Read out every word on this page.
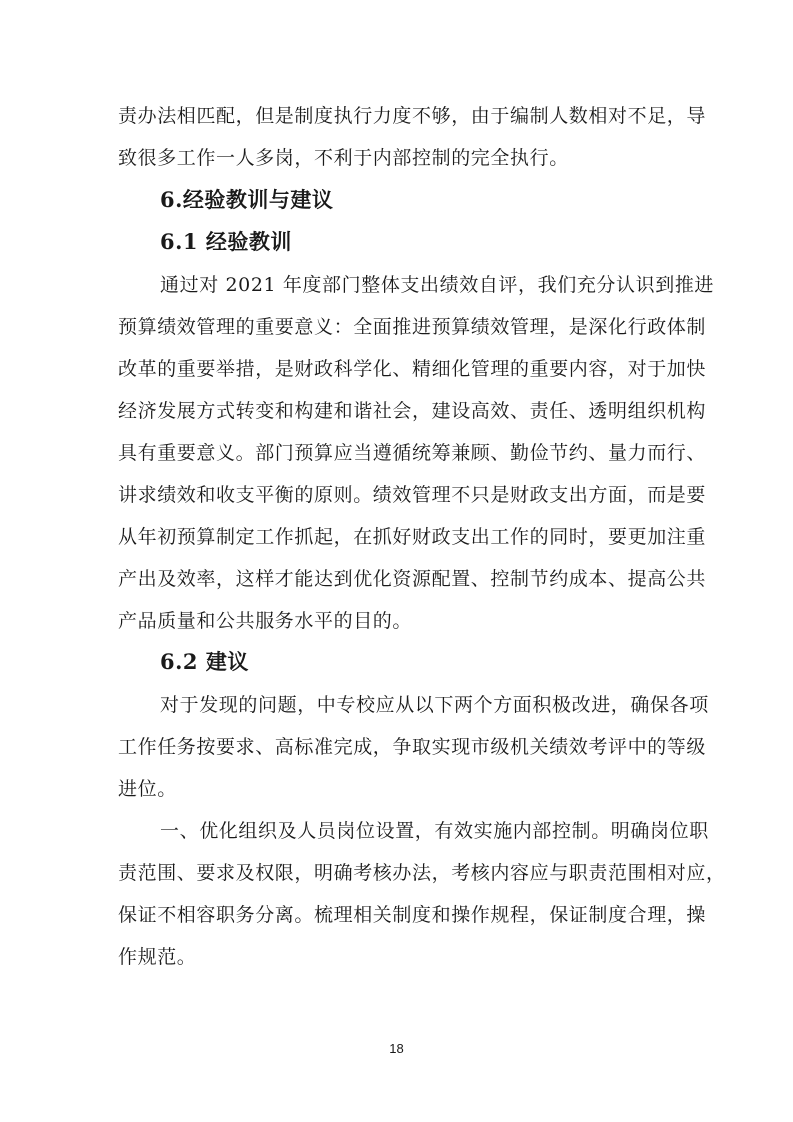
责办法相匹配，但是制度执行力度不够，由于编制人数相对不足，导
致很多工作一人多岗，不利于内部控制的完全执行。
6.经验教训与建议
6.1 经验教训
通过对 2021 年度部门整体支出绩效自评，我们充分认识到推进
预算绩效管理的重要意义：全面推进预算绩效管理，是深化行政体制
改革的重要举措，是财政科学化、精细化管理的重要内容，对于加快
经济发展方式转变和构建和谐社会，建设高效、责任、透明组织机构
具有重要意义。部门预算应当遵循统筹兼顾、勤俭节约、量力而行、
讲求绩效和收支平衡的原则。绩效管理不只是财政支出方面，而是要
从年初预算制定工作抓起，在抓好财政支出工作的同时，要更加注重
产出及效率，这样才能达到优化资源配置、控制节约成本、提高公共
产品质量和公共服务水平的目的。
6.2 建议
对于发现的问题，中专校应从以下两个方面积极改进，确保各项
工作任务按要求、高标准完成，争取实现市级机关绩效考评中的等级
进位。
一、优化组织及人员岗位设置，有效实施内部控制。明确岗位职
责范围、要求及权限，明确考核办法，考核内容应与职责范围相对应，
保证不相容职务分离。梳理相关制度和操作规程，保证制度合理，操
作规范。
18
